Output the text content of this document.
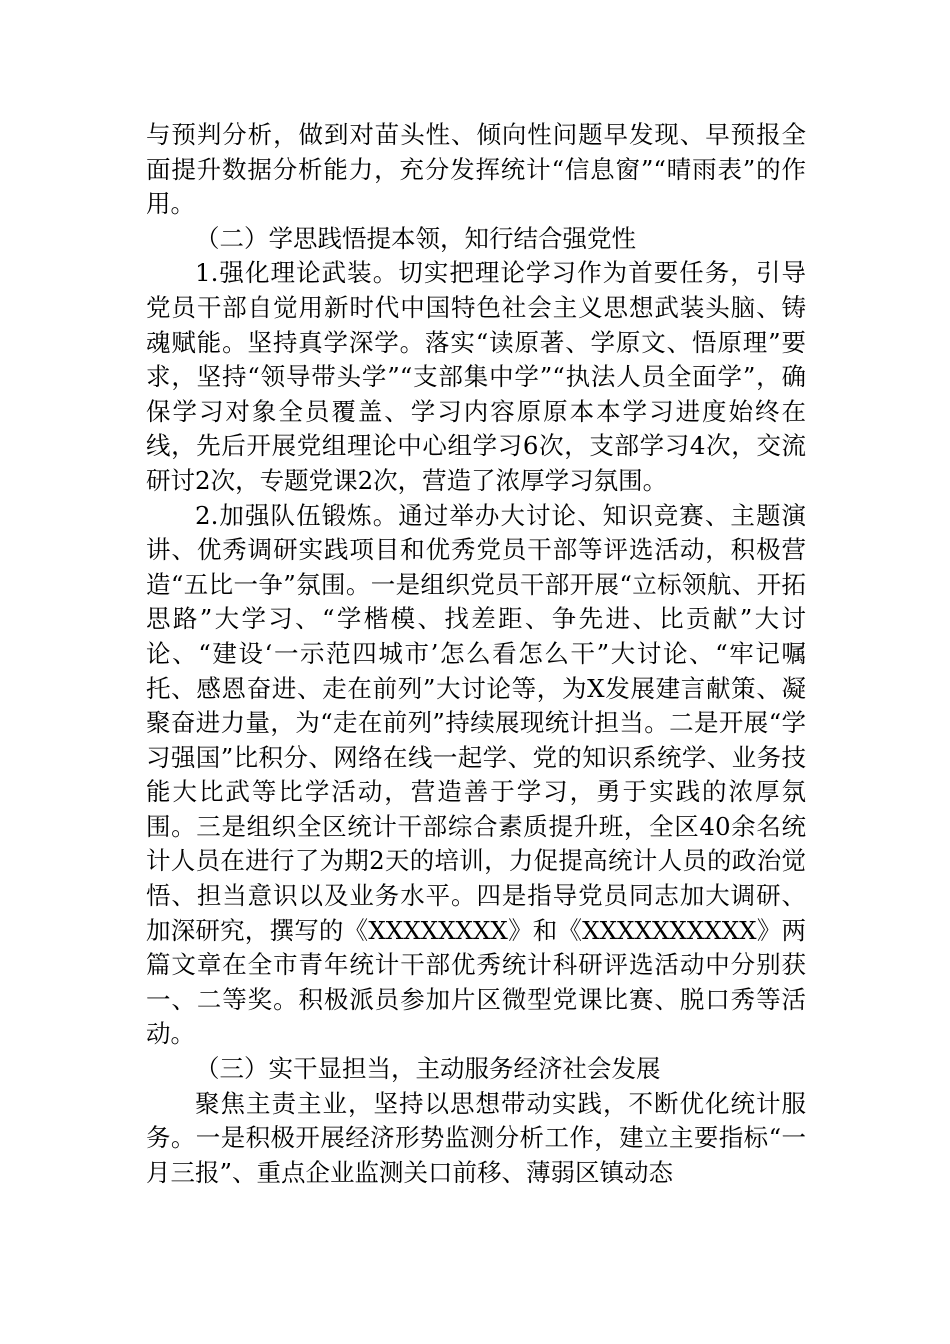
与预判分析，做到对苗头性、倾向性问题早发现、早预报全面提升数据分析能力，充分发挥统计“信息窗”“晴雨表”的作用。

（二）学思践悟提本领，知行结合强党性

1.强化理论武装。切实把理论学习作为首要任务，引导党员干部自觉用新时代中国特色社会主义思想武装头脑、铸魂赋能。坚持真学深学。落实“读原著、学原文、悟原理”要求，坚持“领导带头学”“支部集中学”“执法人员全面学”，确保学习对象全员覆盖、学习内容原原本本学习进度始终在线，先后开展党组理论中心组学习6次，支部学习4次，交流研讨2次，专题党课2次，营造了浓厚学习氛围。

2.加强队伍锻炼。通过举办大讨论、知识竞赛、主题演讲、优秀调研实践项目和优秀党员干部等评选活动，积极营造“五比一争”氛围。一是组织党员干部开展“立标领航、开拓思路”大学习、“学楷模、找差距、争先进、比贡献”大讨论、“建设‘一示范四城市’怎么看怎么干”大讨论、“牢记嘱托、感恩奋进、走在前列”大讨论等，为X发展建言献策、凝聚奋进力量，为“走在前列”持续展现统计担当。二是开展“学习强国”比积分、网络在线一起学、党的知识系统学、业务技能大比武等比学活动，营造善于学习，勇于实践的浓厚氛围。三是组织全区统计干部综合素质提升班，全区40余名统计人员在进行了为期2天的培训，力促提高统计人员的政治觉悟、担当意识以及业务水平。四是指导党员同志加大调研、加深研究，撰写的《XXXXXXXX》和《XXXXXXXXXX》两篇文章在全市青年统计干部优秀统计科研评选活动中分别获一、二等奖。积极派员参加片区微型党课比赛、脱口秀等活动。

（三）实干显担当，主动服务经济社会发展

聚焦主责主业，坚持以思想带动实践，不断优化统计服务。一是积极开展经济形势监测分析工作，建立主要指标“一月三报”、重点企业监测关口前移、薄弱区镇动态
